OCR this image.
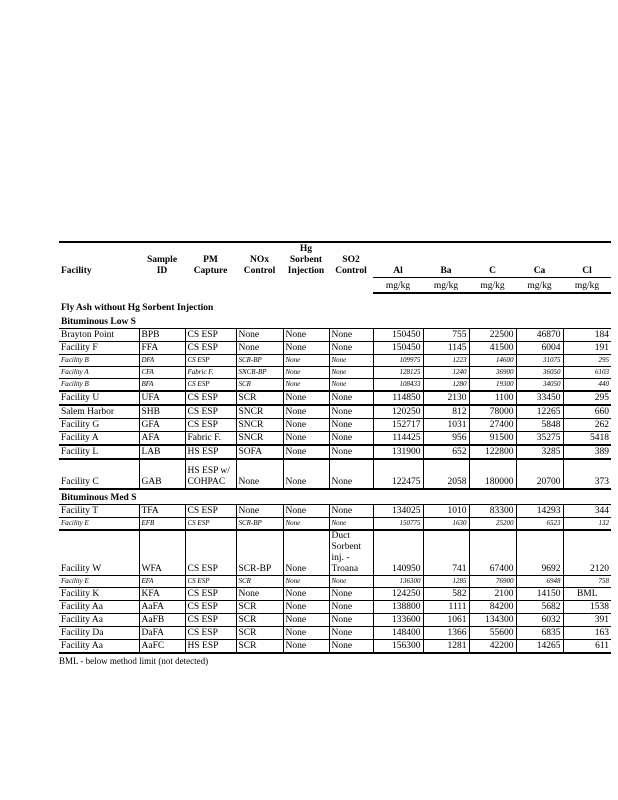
Facility	Sample ID	PM Capture	NOx Control	Hg Sorbent Injection	SO2 Control	Al	Ba	C	Ca	Cl
						mg/kg	mg/kg	mg/kg	mg/kg	mg/kg
Fly Ash without Hg Sorbent Injection										
Bituminous Low S										
Brayton Point	BPB	CS ESP	None	None	None	150450	755	22500	46870	184
Facility F	FFA	CS ESP	None	None	None	150450	1145	41500	6004	191
Facility B	DFA	CS ESP	SCR-BP	None	None	109975	1223	14600	31075	295
Facility A	CFA	Fabric F.	SNCR-BP	None	None	128125	1240	36900	36050	6103
Facility B	BFA	CS ESP	SCR	None	None	108433	1280	19300	34050	440
Facility U	UFA	CS ESP	SCR	None	None	114850	2130	1100	33450	295
Salem Harbor	SHB	CS ESP	SNCR	None	None	120250	812	78000	12265	660
Facility G	GFA	CS ESP	SNCR	None	None	152717	1031	27400	5848	262
Facility A	AFA	Fabric F.	SNCR	None	None	114425	956	91500	35275	5418
Facility L	LAB	HS ESP	SOFA	None	None	131900	652	122800	3285	389
Facility C	GAB	HS ESP w/ COHPAC	None	None	None	122475	2058	180000	20700	373
Bituminous Med S										
Facility T	TFA	CS ESP	None	None	None	134025	1010	83300	14293	344
Facility E	EFB	CS ESP	SCR-BP	None	None	150775	1630	25200	6523	132
Facility W	WFA	CS ESP	SCR-BP	None	Duct Sorbent inj. - Troana	140950	741	67400	9692	2120
Facility E	EFA	CS ESP	SCR	None	None	136300	1285	76900	6948	758
Facility K	KFA	CS ESP	None	None	None	124250	582	2100	14150	BML
Facility Aa	AaFA	CS ESP	SCR	None	None	138800	1111	84200	5682	1538
Facility Aa	AaFB	CS ESP	SCR	None	None	133600	1061	134300	6032	391
Facility Da	DaFA	CS ESP	SCR	None	None	148400	1366	55600	6835	163
Facility Aa	AaFC	HS ESP	SCR	None	None	156300	1281	42200	14265	611
BML - below method limit (not detected)
